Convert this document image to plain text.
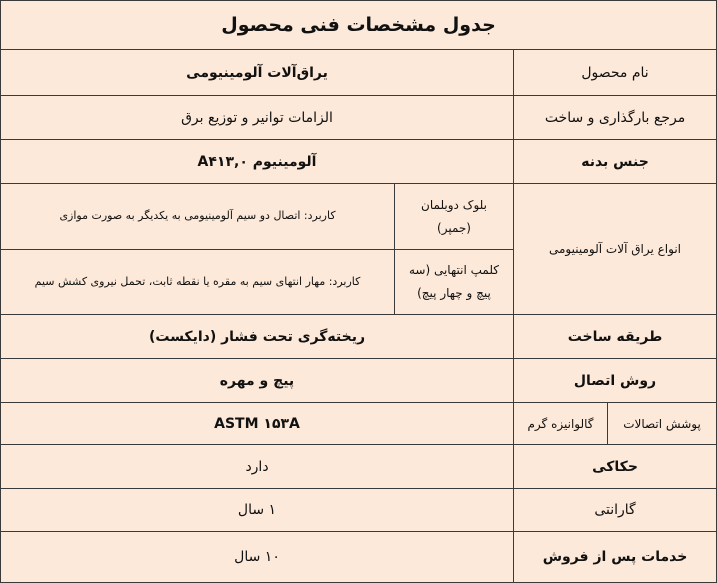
جدول مشخصات فنی محصول
نام محصول
یراق‌آلات آلومینیومی
مرجع بارگذاری و ساخت
الزامات توانیر و توزیع برق
جنس بدنه
آلومینیوم A۴۱۳,۰
انواع یراق آلات آلومینیومی
بلوک دوبلمان (جمپر)
کاربرد: اتصال دو سیم آلومینیومی به یکدیگر به صورت موازی
کلمپ انتهایی (سه پیچ و چهار پیچ)
کاربرد: مهار انتهای سیم به مقره یا نقطه ثابت، تحمل نیروی کشش سیم
طریقه ساخت
ریخته‌گری تحت فشار (دایکست)
روش اتصال
پیچ و مهره
پوشش اتصالات
گالوانیزه گرم
ASTM ۱۵۳A
حکاکی
دارد
گارانتی
۱ سال
خدمات پس از فروش
۱۰ سال
